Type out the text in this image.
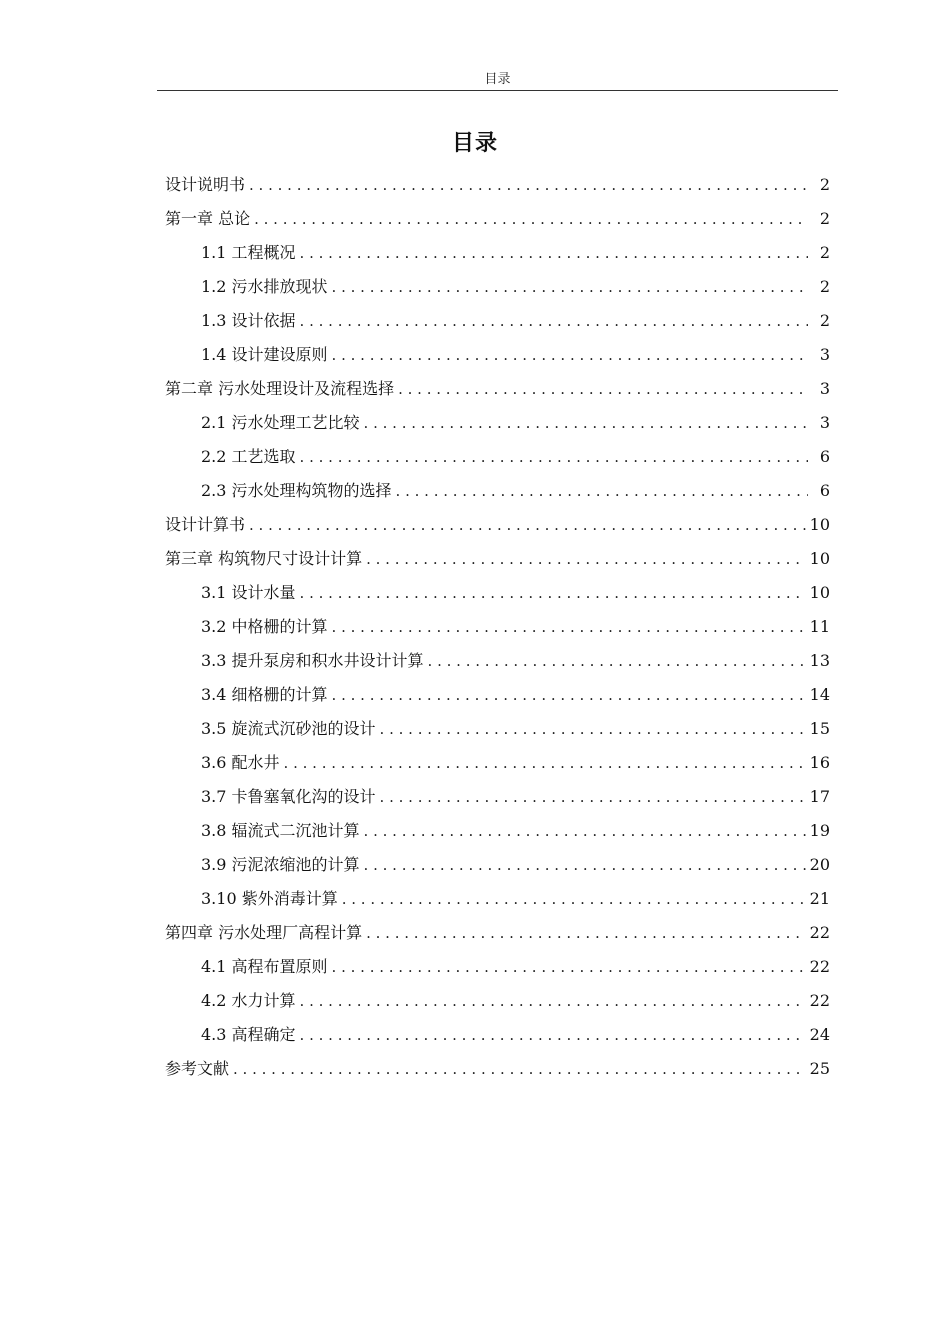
目录
目录
设计说明书 . . .	2
第一章 总论 . . .	2
1.1 工程概况 . . .	2
1.2 污水排放现状 . . .	2
1.3 设计依据 . . .	2
1.4 设计建设原则 . . .	3
第二章 污水处理设计及流程选择 . . .	3
2.1 污水处理工艺比较 . . .	3
2.2 工艺选取 . . .	6
2.3 污水处理构筑物的选择 . . .	6
设计计算书 . . .	10
第三章 构筑物尺寸设计计算 . . .	10
3.1 设计水量 . . .	10
3.2 中格栅的计算 . . .	11
3.3 提升泵房和积水井设计计算 . . .	13
3.4 细格栅的计算 . . .	14
3.5 旋流式沉砂池的设计 . . .	15
3.6 配水井 . . .	16
3.7 卡鲁塞氧化沟的设计 . . .	17
3.8 辐流式二沉池计算 . . .	19
3.9 污泥浓缩池的计算 . . .	20
3.10 紫外消毒计算 . . .	21
第四章 污水处理厂高程计算 . . .	22
4.1 高程布置原则 . . .	22
4.2 水力计算 . . .	22
4.3 高程确定 . . .	24
参考文献 . . .	25
